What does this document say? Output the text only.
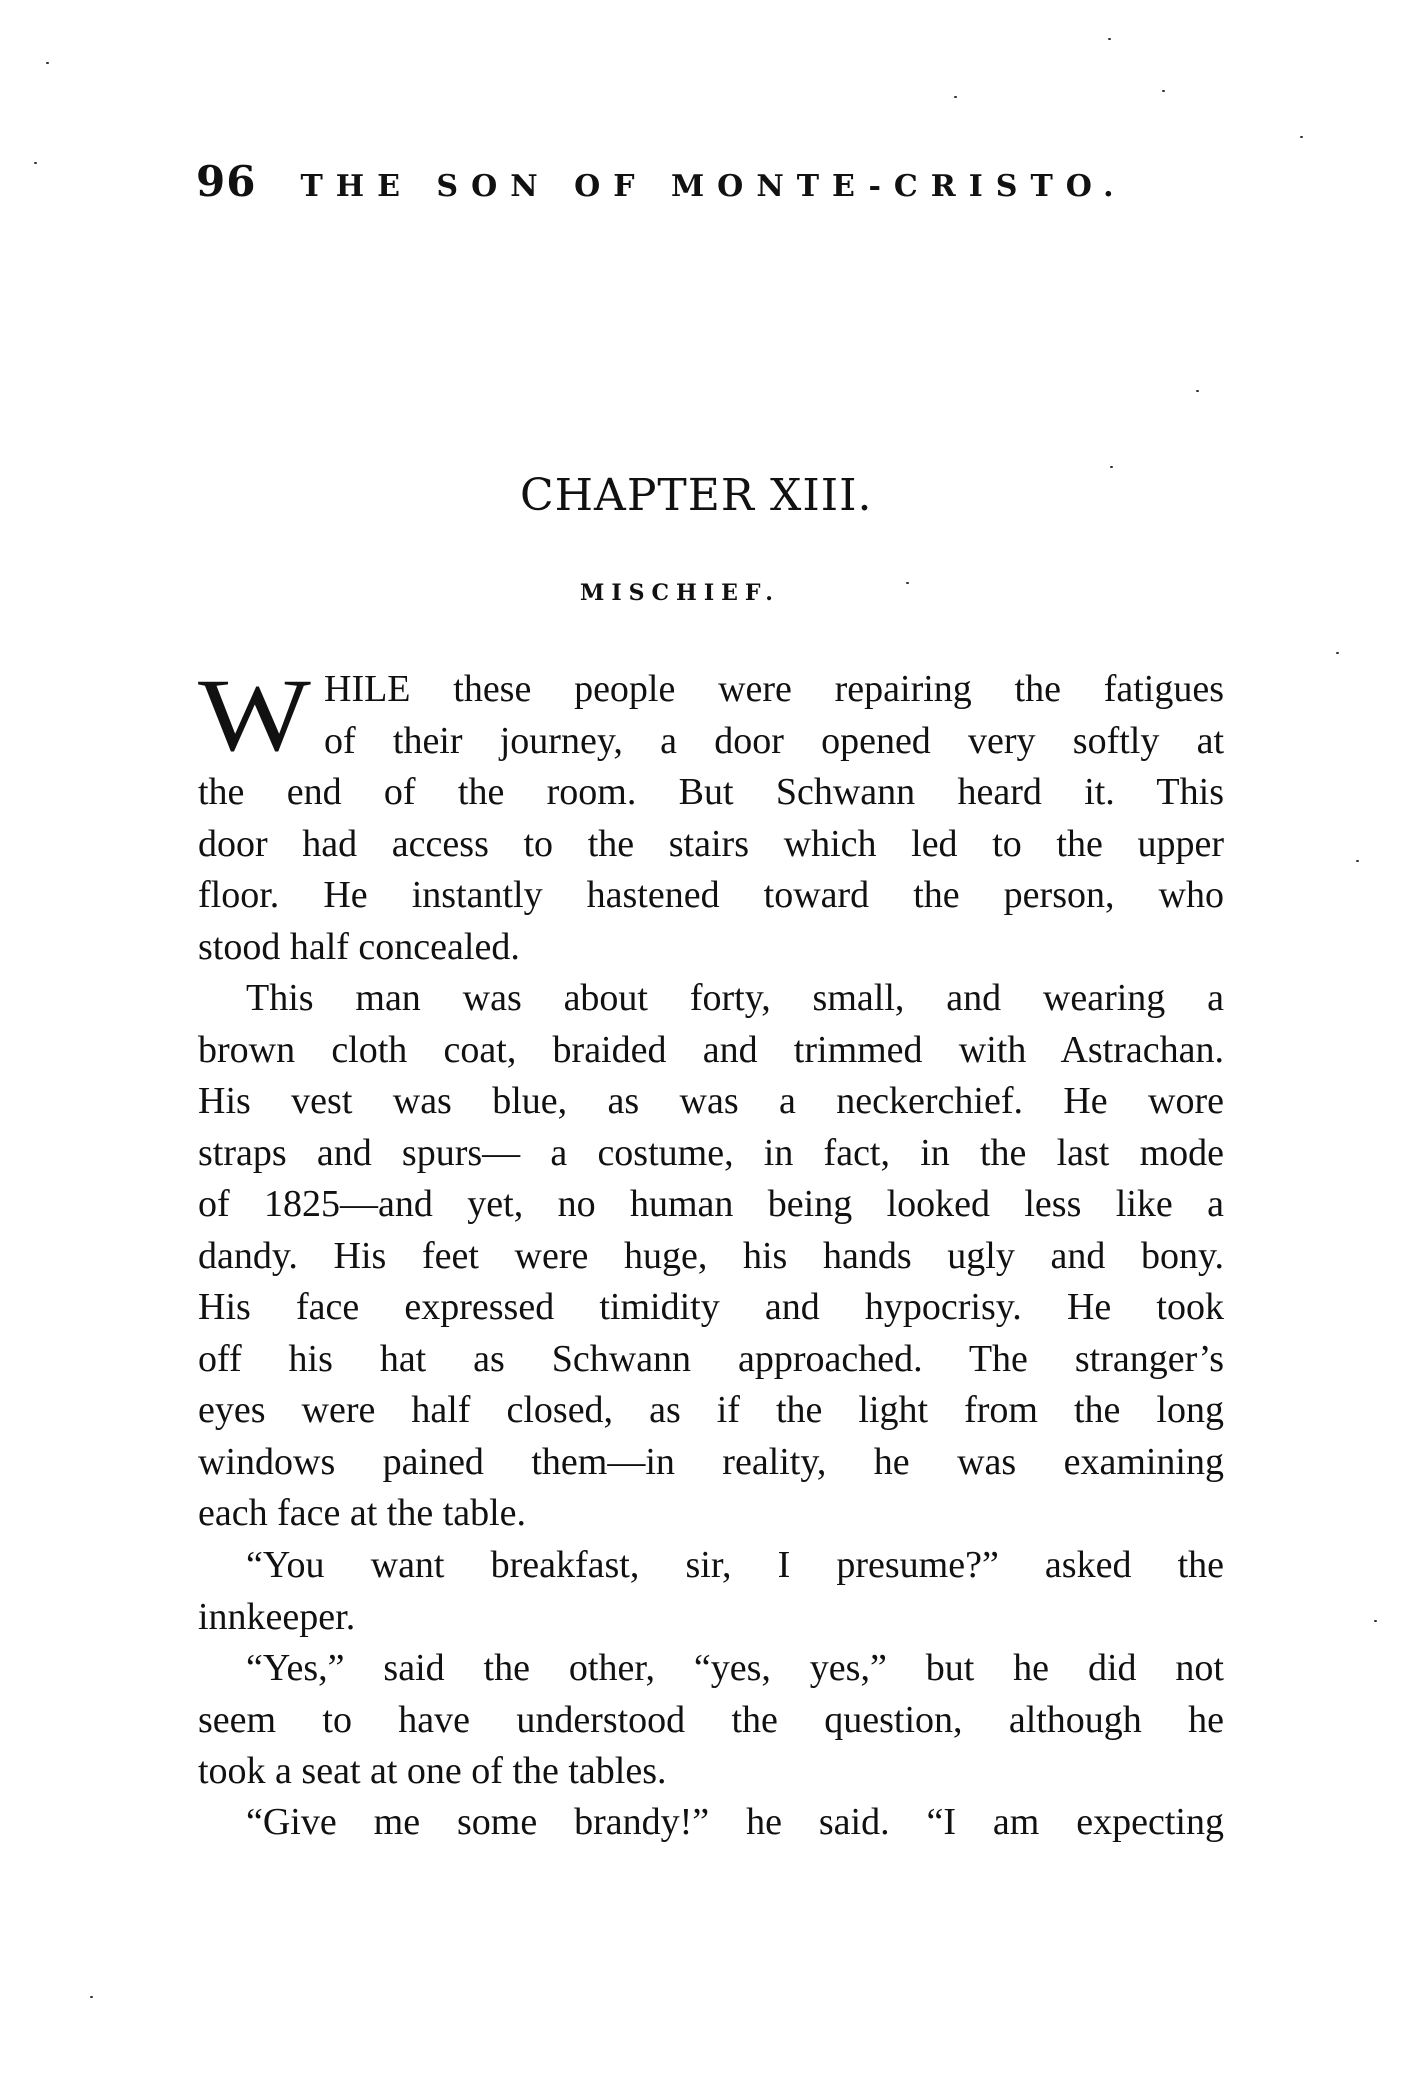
96 THE SON OF MONTE-CRISTO.
CHAPTER XIII.
MISCHIEF.
W HILE these people were repairing the fatigues
of their journey, a door opened very softly at
the end of the room. But Schwann heard it. This
door had access to the stairs which led to the upper
floor. He instantly hastened toward the person, who
stood half concealed.
This man was about forty, small, and wearing a
brown cloth coat, braided and trimmed with Astrachan.
His vest was blue, as was a neckerchief. He wore
straps and spurs— a costume, in fact, in the last mode
of 1825—and yet, no human being looked less like a
dandy. His feet were huge, his hands ugly and bony.
His face expressed timidity and hypocrisy. He took
off his hat as Schwann approached. The stranger’s
eyes were half closed, as if the light from the long
windows pained them—in reality, he was examining
each face at the table.
“You want breakfast, sir, I presume?” asked the
innkeeper.
“Yes,” said the other, “yes, yes,” but he did not
seem to have understood the question, although he
took a seat at one of the tables.
“Give me some brandy!” he said. “I am expecting
